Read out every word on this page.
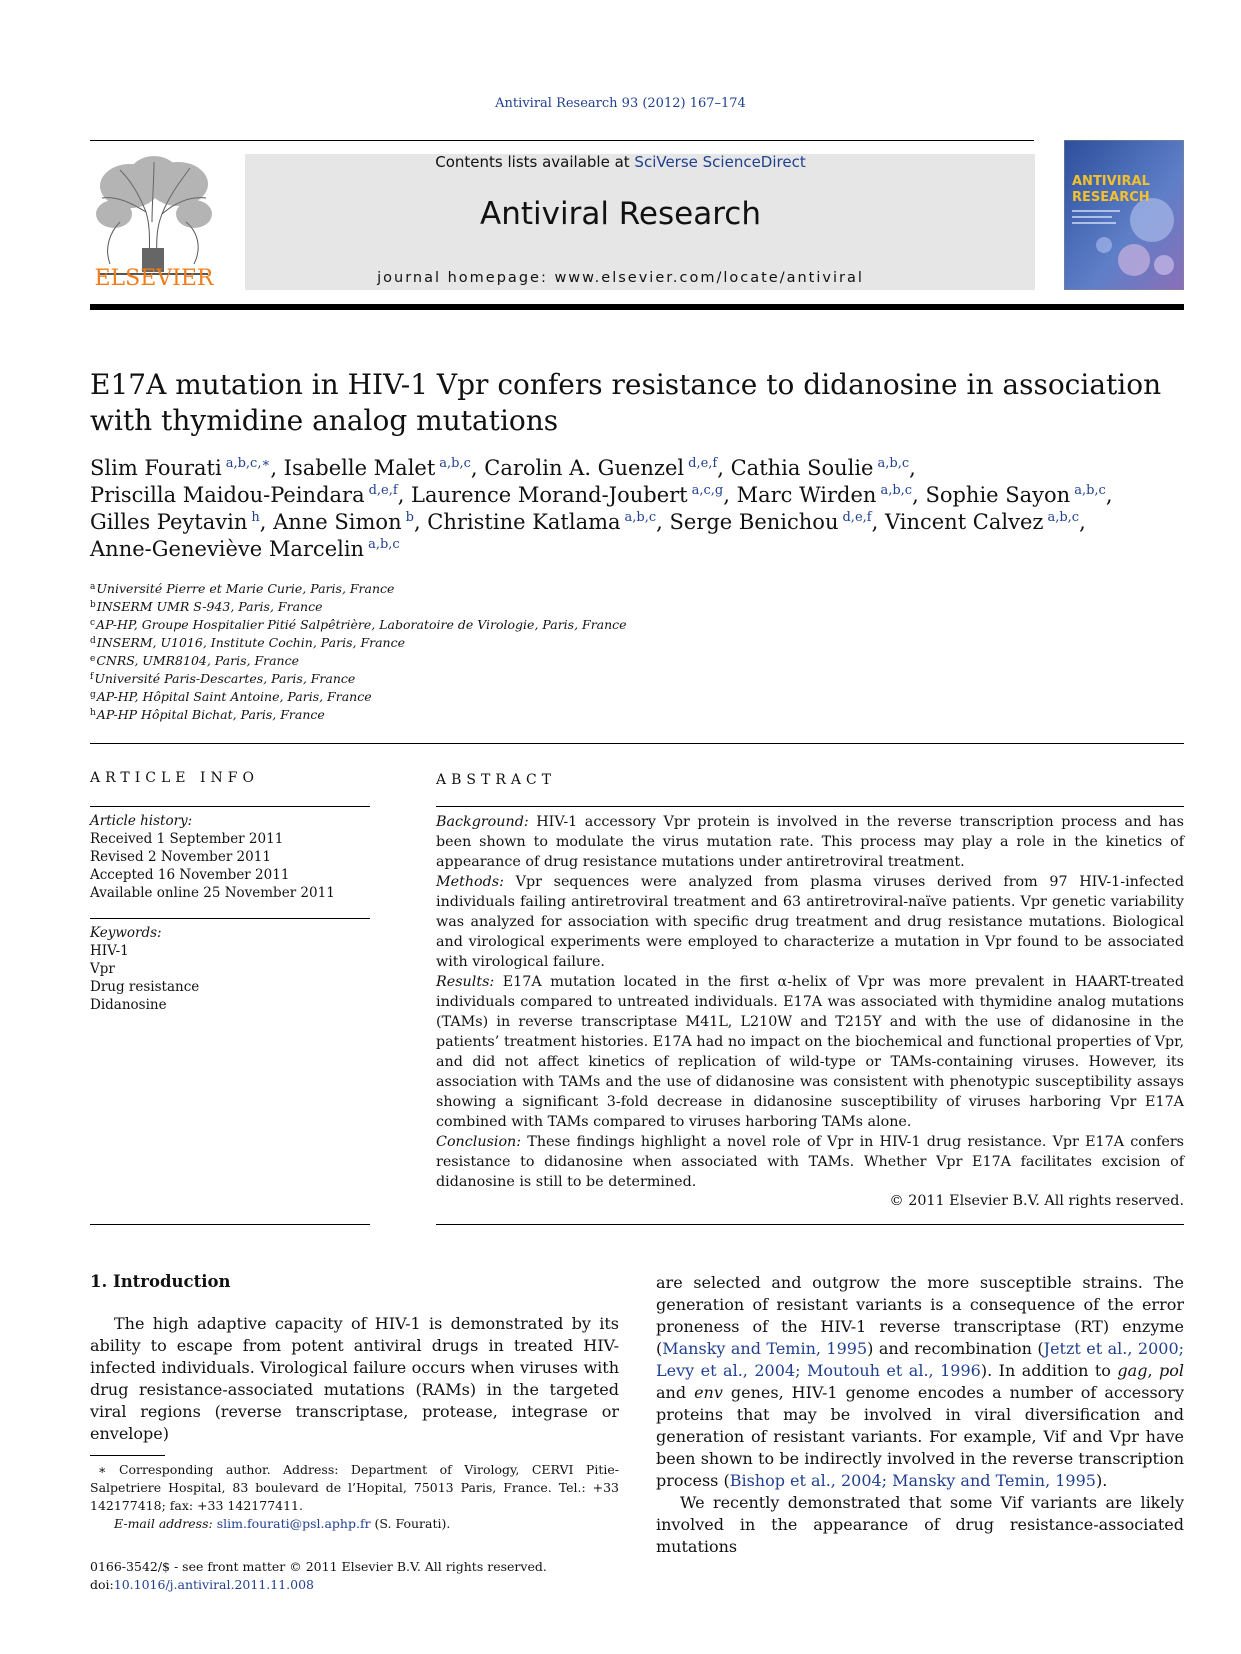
Antiviral Research 93 (2012) 167–174
ELSEVIER
Contents lists available at SciVerse ScienceDirect
Antiviral Research
journal homepage: www.elsevier.com/locate/antiviral
ANTIVIRAL
RESEARCH
E17A mutation in HIV-1 Vpr confers resistance to didanosine in association
with thymidine analog mutations
Slim Fourati $^{a,b,c,∗}$, Isabelle Malet $^{a,b,c}$, Carolin A. Guenzel $^{d,e,f}$, Cathia Soulie $^{a,b,c}$,
Priscilla Maidou-Peindara $^{d,e,f}$, Laurence Morand-Joubert $^{a,c,g}$, Marc Wirden $^{a,b,c}$, Sophie Sayon $^{a,b,c}$,
Gilles Peytavin $^h$, Anne Simon $^b$, Christine Katlama $^{a,b,c}$, Serge Benichou $^{d,e,f}$, Vincent Calvez $^{a,b,c}$,
Anne-Geneviève Marcelin $^{a,b,c}$
$^a$Université Pierre et Marie Curie, Paris, France
$^b$INSERM UMR S-943, Paris, France
$^c$AP-HP, Groupe Hospitalier Pitié Salpêtrière, Laboratoire de Virologie, Paris, France
$^d$INSERM, U1016, Institute Cochin, Paris, France
$^e$CNRS, UMR8104, Paris, France
$^f$Université Paris-Descartes, Paris, France
$^g$AP-HP, Hôpital Saint Antoine, Paris, France
$^h$AP-HP Hôpital Bichat, Paris, France
ARTICLE INFO
Article history:
Received 1 September 2011
Revised 2 November 2011
Accepted 16 November 2011
Available online 25 November 2011
Keywords:
HIV-1
Vpr
Drug resistance
Didanosine
ABSTRACT

Background: HIV-1 accessory Vpr protein is involved in the reverse transcription process and has been shown to modulate the virus mutation rate. This process may play a role in the kinetics of appearance of drug resistance mutations under antiretroviral treatment.

Methods: Vpr sequences were analyzed from plasma viruses derived from 97 HIV-1-infected individuals failing antiretroviral treatment and 63 antiretroviral-naïve patients. Vpr genetic variability was analyzed for association with specific drug treatment and drug resistance mutations. Biological and virological experiments were employed to characterize a mutation in Vpr found to be associated with virological failure.

Results: E17A mutation located in the first α-helix of Vpr was more prevalent in HAART-treated individuals compared to untreated individuals. E17A was associated with thymidine analog mutations (TAMs) in reverse transcriptase M41L, L210W and T215Y and with the use of didanosine in the patients’ treatment histories. E17A had no impact on the biochemical and functional properties of Vpr, and did not affect kinetics of replication of wild-type or TAMs-containing viruses. However, its association with TAMs and the use of didanosine was consistent with phenotypic susceptibility assays showing a significant 3-fold decrease in didanosine susceptibility of viruses harboring Vpr E17A combined with TAMs compared to viruses harboring TAMs alone.

Conclusion: These findings highlight a novel role of Vpr in HIV-1 drug resistance. Vpr E17A confers resistance to didanosine when associated with TAMs. Whether Vpr E17A facilitates excision of didanosine is still to be determined.

© 2011 Elsevier B.V. All rights reserved.
1. Introduction
The high adaptive capacity of HIV-1 is demonstrated by its ability to escape from potent antiviral drugs in treated HIV-infected individuals. Virological failure occurs when viruses with drug resistance-associated mutations (RAMs) in the targeted viral regions (reverse transcriptase, protease, integrase or envelope)

are selected and outgrow the more susceptible strains. The generation of resistant variants is a consequence of the error proneness of the HIV-1 reverse transcriptase (RT) enzyme (Mansky and Temin, 1995) and recombination (Jetzt et al., 2000; Levy et al., 2004; Moutouh et al., 1996). In addition to gag, pol and env genes, HIV-1 genome encodes a number of accessory proteins that may be involved in viral diversification and generation of resistant variants. For example, Vif and Vpr have been shown to be indirectly involved in the reverse transcription process (Bishop et al., 2004; Mansky and Temin, 1995).

We recently demonstrated that some Vif variants are likely involved in the appearance of drug resistance-associated mutations

∗ Corresponding author. Address: Department of Virology, CERVI Pitie-Salpetriere Hospital, 83 boulevard de l’Hopital, 75013 Paris, France. Tel.: +33 142177418; fax: +33 142177411.

E-mail address: slim.fourati@psl.aphp.fr (S. Fourati).

0166-3542/$ - see front matter © 2011 Elsevier B.V. All rights reserved.
doi:10.1016/j.antiviral.2011.11.008
